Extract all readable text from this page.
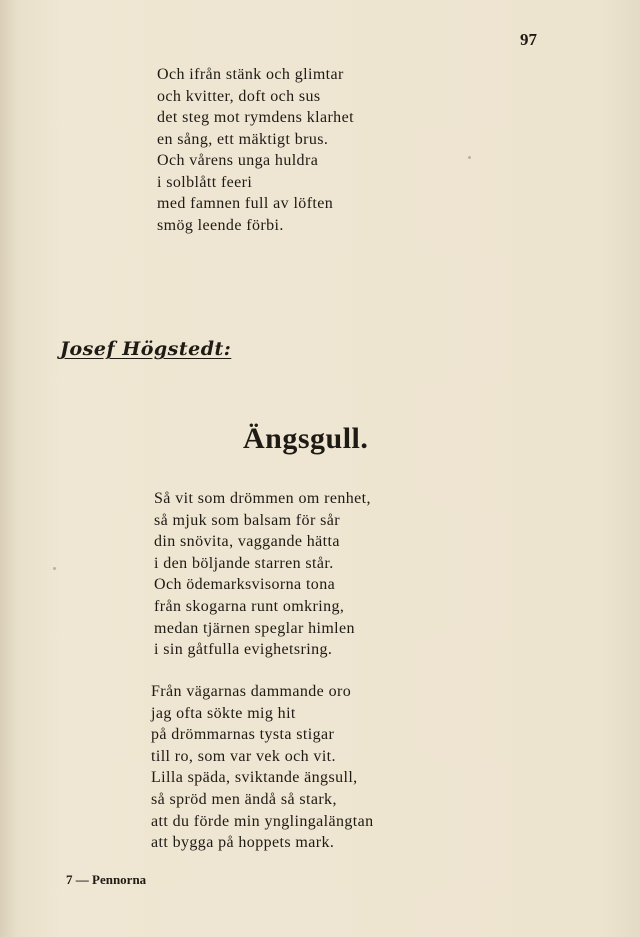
97
Och ifrån stänk och glimtar
och kvitter, doft och sus
det steg mot rymdens klarhet
en sång, ett mäktigt brus.
Och vårens unga huldra
i solblått feeri
med famnen full av löften
smög leende förbi.
Josef Högstedt:
Ängsgull.
Så vit som drömmen om renhet,
så mjuk som balsam för sår
din snövita, vaggande hätta
i den böljande starren står.
Och ödemarksvisorna tona
från skogarna runt omkring,
medan tjärnen speglar himlen
i sin gåtfulla evighetsring.
Från vägarnas dammande oro
jag ofta sökte mig hit
på drömmarnas tysta stigar
till ro, som var vek och vit.
Lilla späda, sviktande ängsull,
så spröd men ändå så stark,
att du förde min ynglingalängtan
att bygga på hoppets mark.
7 — Pennorna
